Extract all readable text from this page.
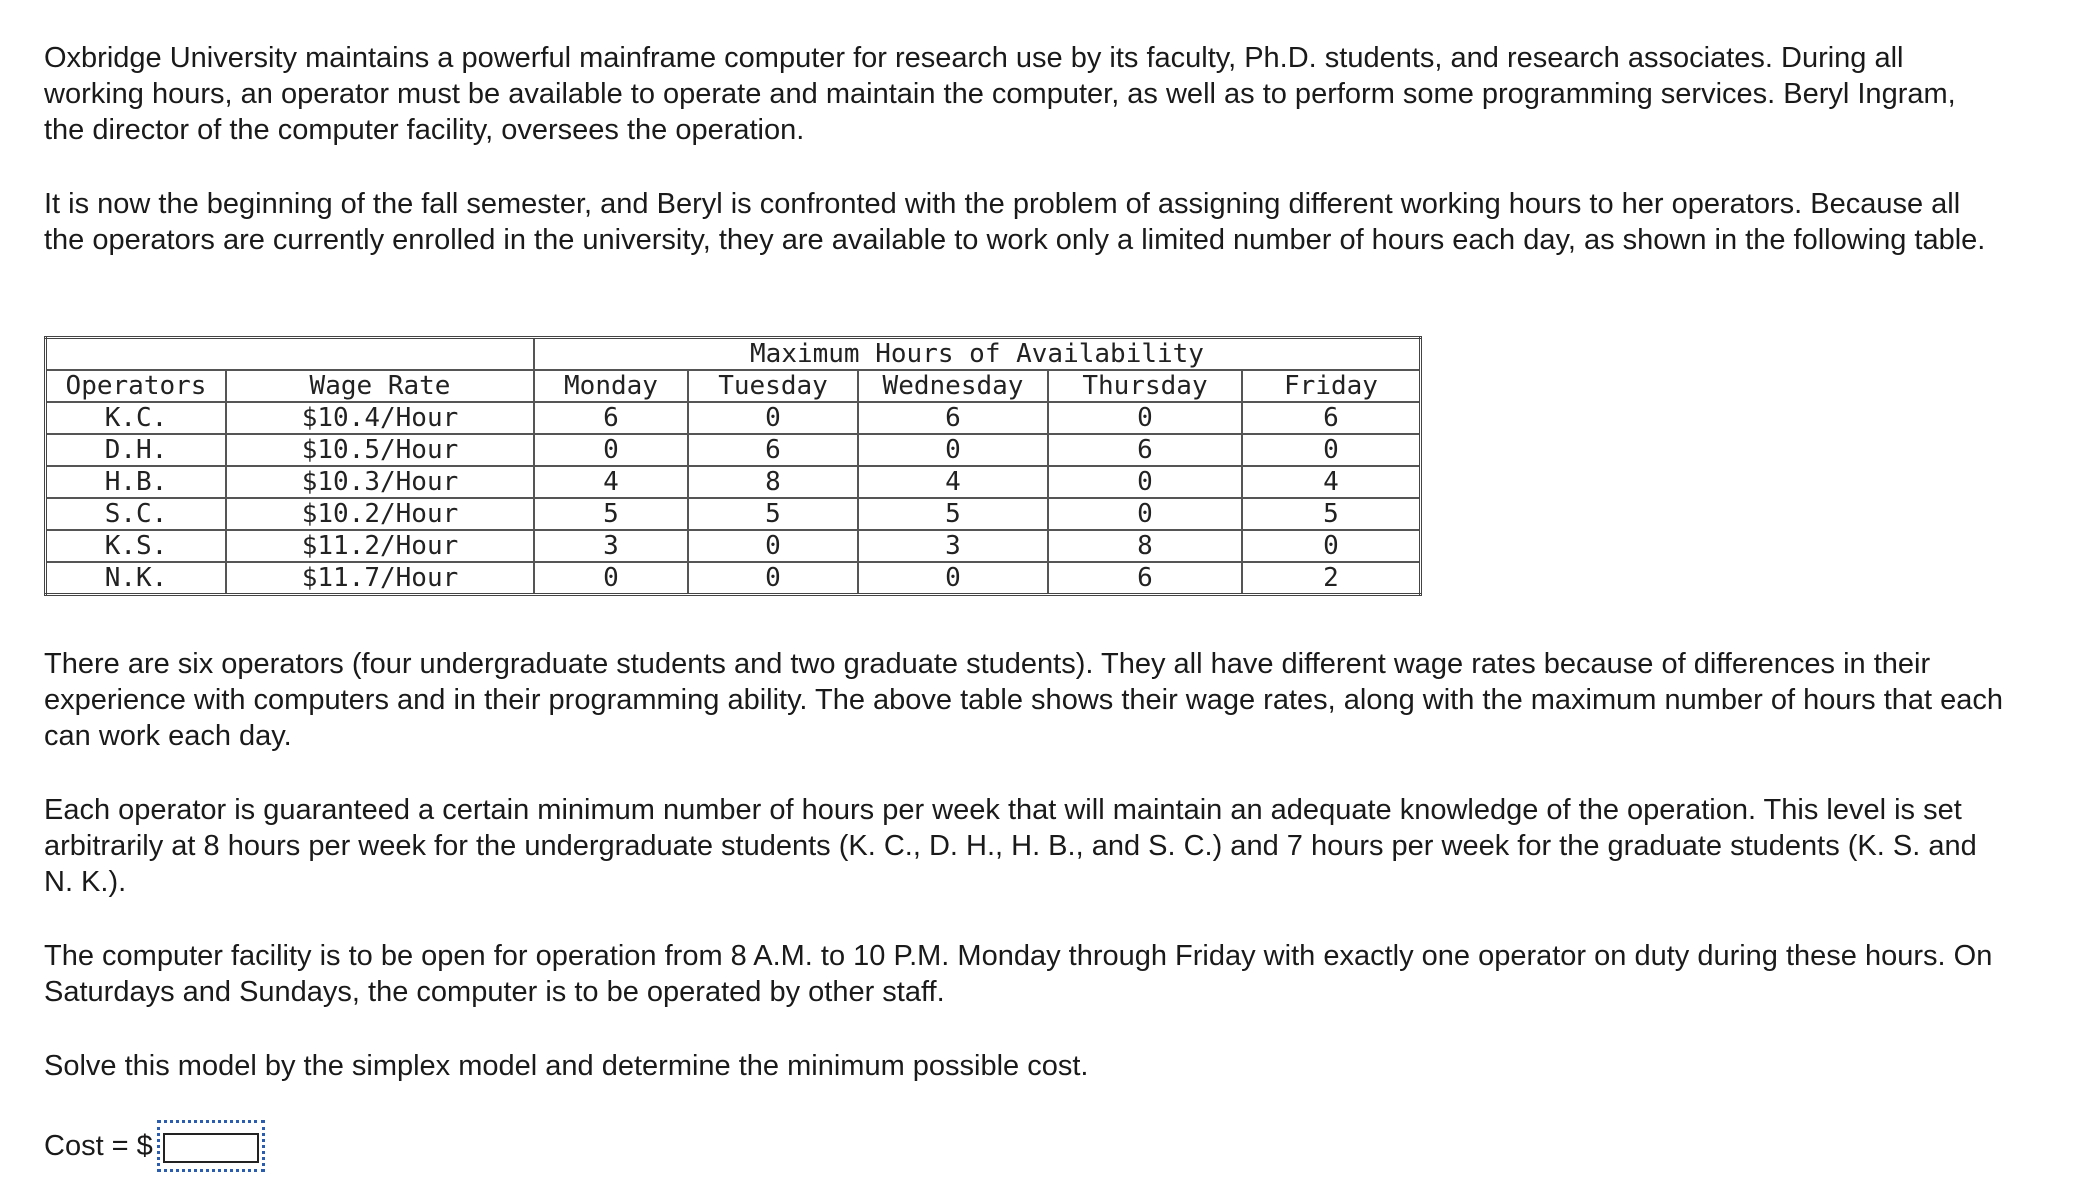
Oxbridge University maintains a powerful mainframe computer for research use by its faculty, Ph.D. students, and research associates. During all working hours, an operator must be available to operate and maintain the computer, as well as to perform some programming services. Beryl Ingram, the director of the computer facility, oversees the operation.

It is now the beginning of the fall semester, and Beryl is confronted with the problem of assigning different working hours to her operators. Because all the operators are currently enrolled in the university, they are available to work only a limited number of hours each day, as shown in the following table.

		Maximum Hours of Availability				
Operators	Wage Rate	Monday	Tuesday	Wednesday	Thursday	Friday
K.C.	$10.4/Hour	6	0	6	0	6
D.H.	$10.5/Hour	0	6	0	6	0
H.B.	$10.3/Hour	4	8	4	0	4
S.C.	$10.2/Hour	5	5	5	0	5
K.S.	$11.2/Hour	3	0	3	8	0
N.K.	$11.7/Hour	0	0	0	6	2

There are six operators (four undergraduate students and two graduate students). They all have different wage rates because of differences in their experience with computers and in their programming ability. The above table shows their wage rates, along with the maximum number of hours that each can work each day.

Each operator is guaranteed a certain minimum number of hours per week that will maintain an adequate knowledge of the operation. This level is set arbitrarily at 8 hours per week for the undergraduate students (K. C., D. H., H. B., and S. C.) and 7 hours per week for the graduate students (K. S. and N. K.).

The computer facility is to be open for operation from 8 A.M. to 10 P.M. Monday through Friday with exactly one operator on duty during these hours. On Saturdays and Sundays, the computer is to be operated by other staff.

Solve this model by the simplex model and determine the minimum possible cost.

Cost = $
